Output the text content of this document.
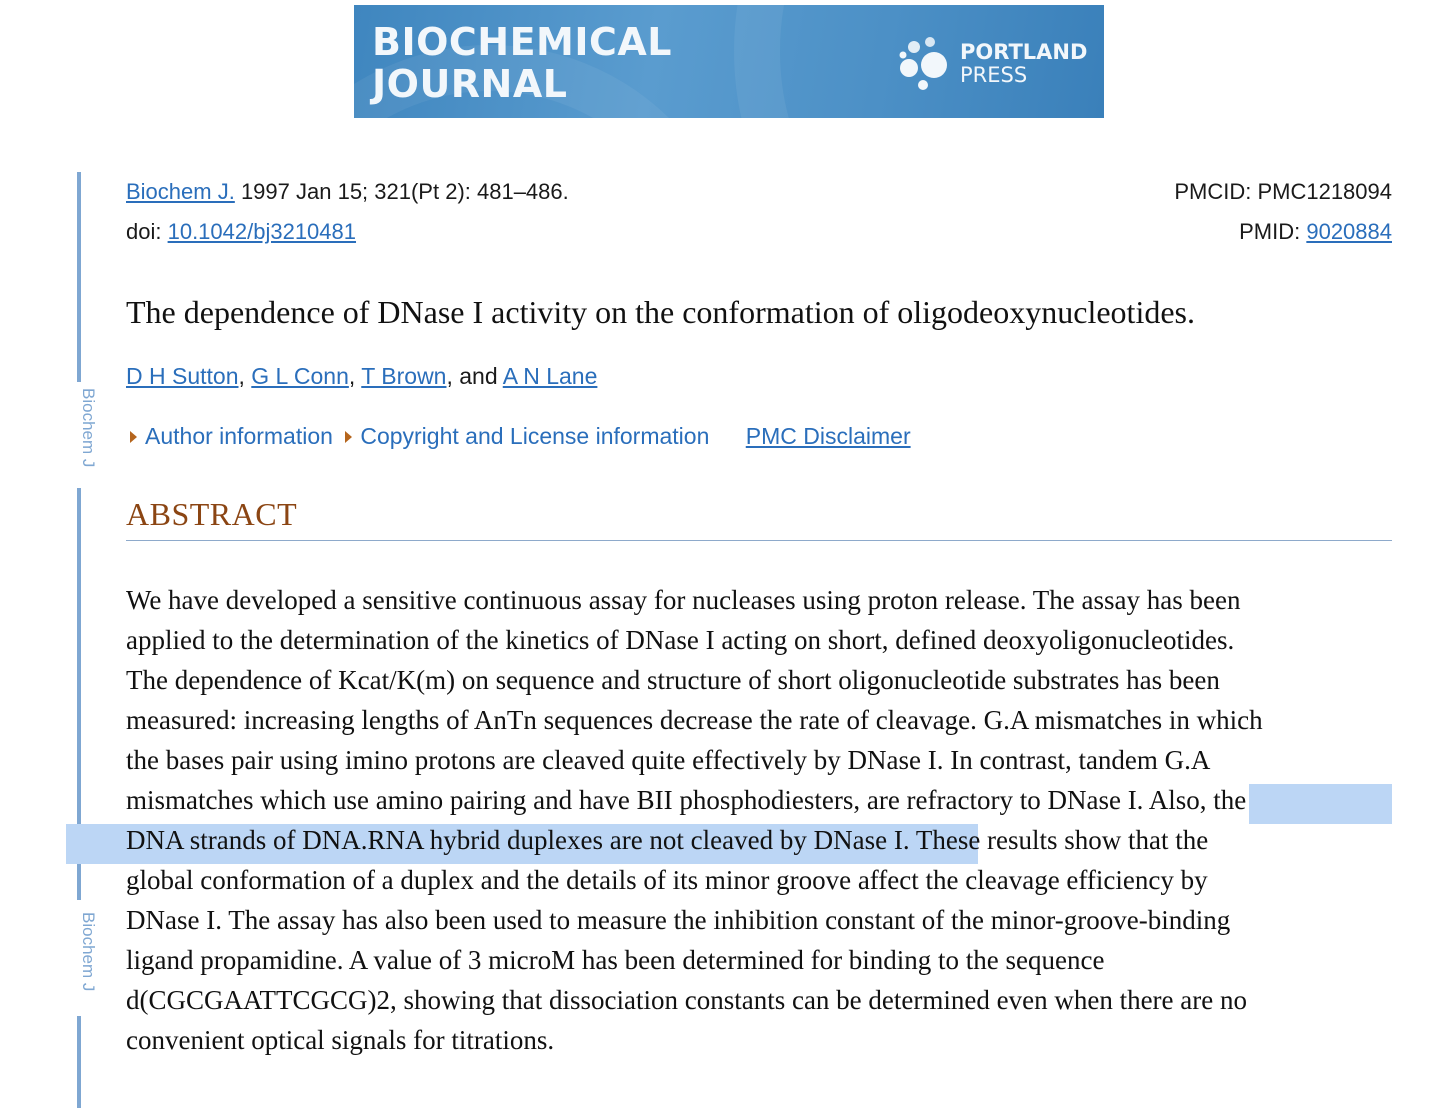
BIOCHEMICAL
JOURNAL
PORTLAND
PRESS
Biochem J
Biochem J
Biochem J. 1997 Jan 15; 321(Pt 2): 481–486.
doi: 10.1042/bj3210481
PMCID: PMC1218094
PMID: 9020884
The dependence of DNase I activity on the conformation of oligodeoxynucleotides.
D H Sutton, G L Conn, T Brown, and A N Lane
Author information Copyright and License information PMC Disclaimer
ABSTRACT
We have developed a sensitive continuous assay for nucleases using proton release. The assay has been
applied to the determination of the kinetics of DNase I acting on short, defined deoxyoligonucleotides.
The dependence of Kcat/K(m) on sequence and structure of short oligonucleotide substrates has been
measured: increasing lengths of AnTn sequences decrease the rate of cleavage. G.A mismatches in which
the bases pair using imino protons are cleaved quite effectively by DNase I. In contrast, tandem G.A
mismatches which use amino pairing and have BII phosphodiesters, are refractory to DNase I. Also, the
DNA strands of DNA.RNA hybrid duplexes are not cleaved by DNase I. These results show that the
global conformation of a duplex and the details of its minor groove affect the cleavage efficiency by
DNase I. The assay has also been used to measure the inhibition constant of the minor-groove-binding
ligand propamidine. A value of 3 microM has been determined for binding to the sequence
d(CGCGAATTCGCG)2, showing that dissociation constants can be determined even when there are no
convenient optical signals for titrations.
